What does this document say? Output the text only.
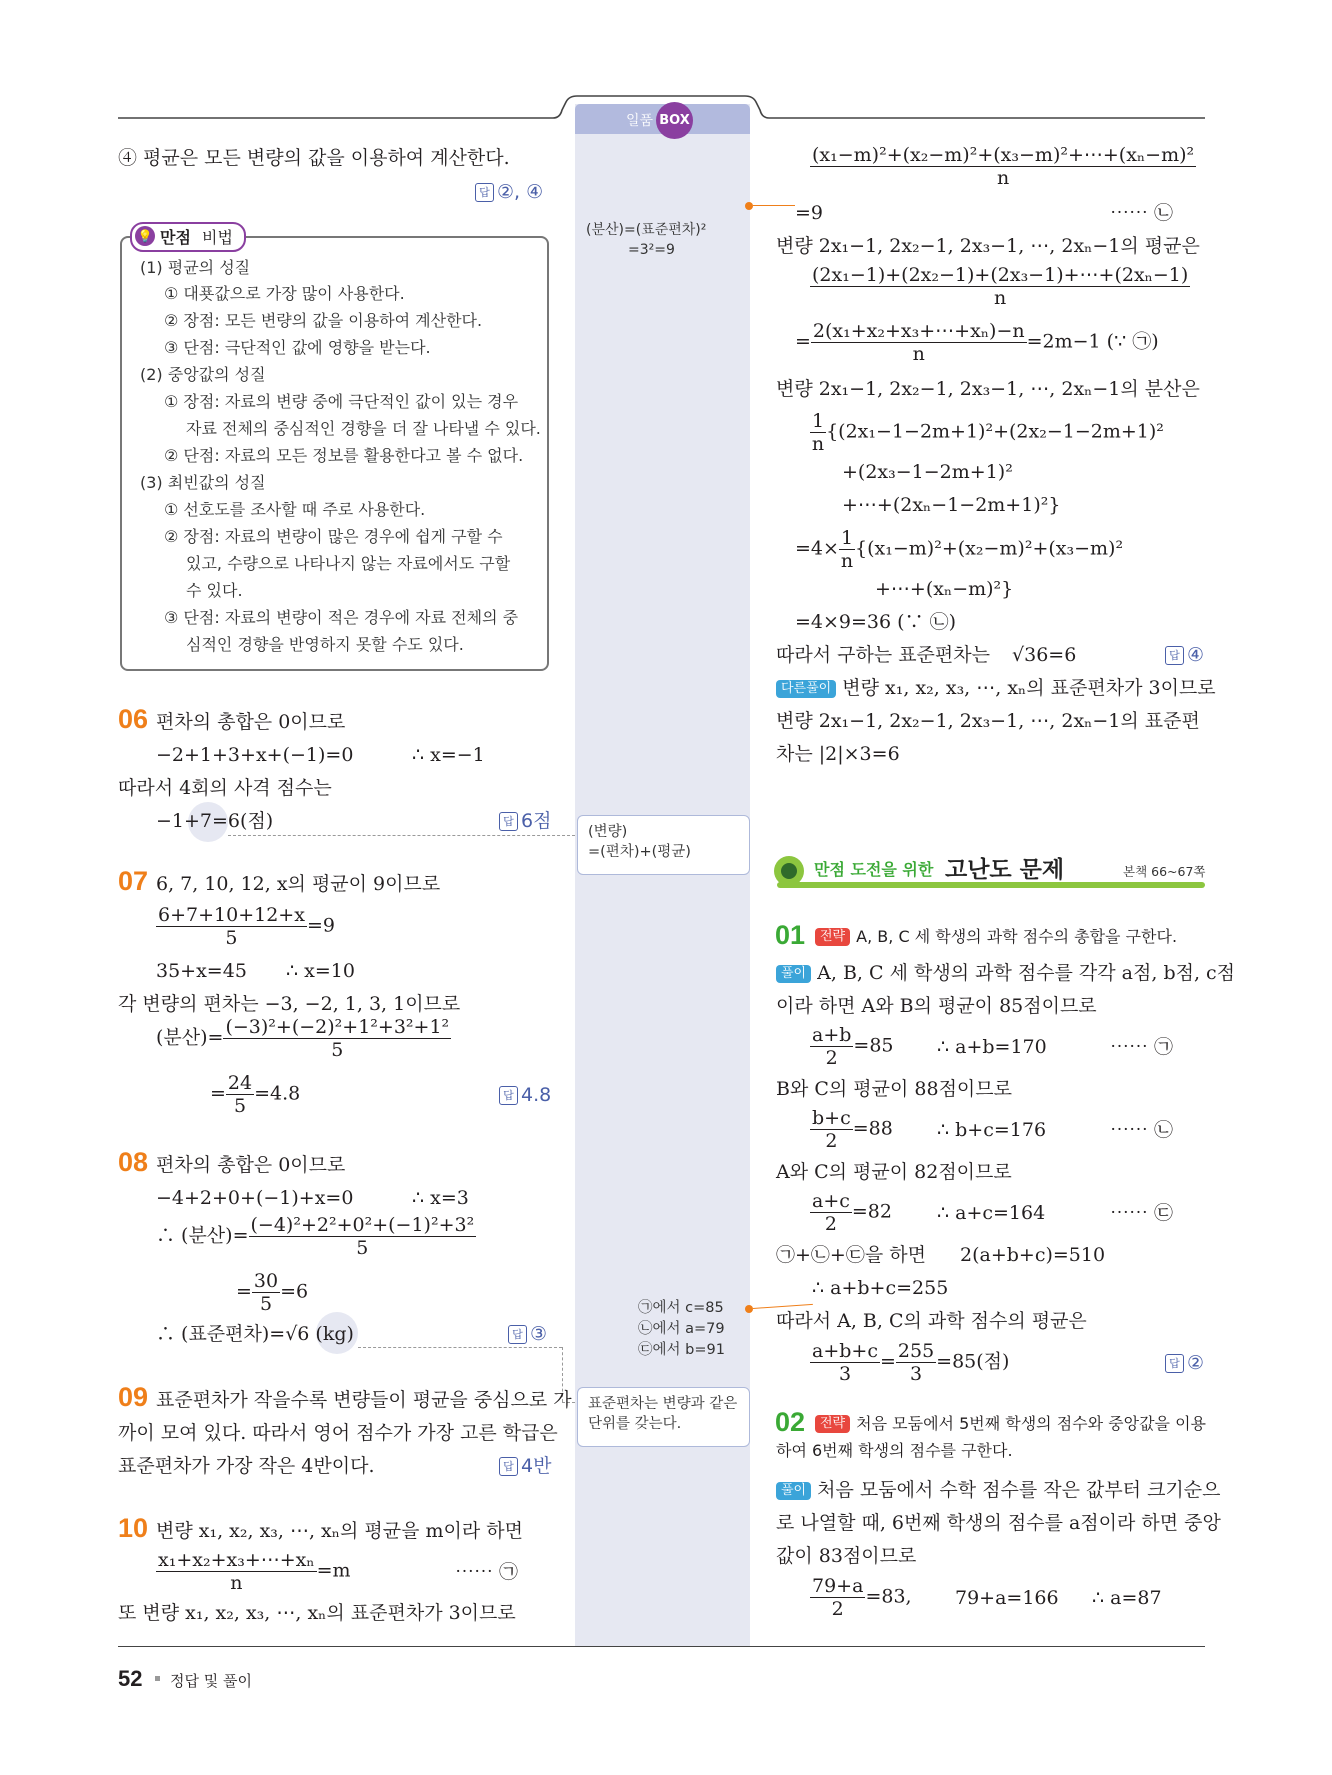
일품 BOX
52 정답 및 풀이
④ 평균은 모든 변량의 값을 이용하여 계산한다.
답 ②, ④
💡 만점 비법
(1) 평균의 성질
① 대푯값으로 가장 많이 사용한다.
② 장점: 모든 변량의 값을 이용하여 계산한다.
③ 단점: 극단적인 값에 영향을 받는다.
(2) 중앙값의 성질
① 장점: 자료의 변량 중에 극단적인 값이 있는 경우
자료 전체의 중심적인 경향을 더 잘 나타낼 수 있다.
② 단점: 자료의 모든 정보를 활용한다고 볼 수 없다.
(3) 최빈값의 성질
① 선호도를 조사할 때 주로 사용한다.
② 장점: 자료의 변량이 많은 경우에 쉽게 구할 수
있고, 수량으로 나타나지 않는 자료에서도 구할
수 있다.
③ 단점: 자료의 변량이 적은 경우에 자료 전체의 중
심적인 경향을 반영하지 못할 수도 있다.
06 편차의 총합은 0이므로
−2+1+3+x+(−1)=0	∴ x=−1
따라서 4회의 사격 점수는
−1+7=6(점)	답 6점
07 6, 7, 10, 12, x의 평균이 9이므로
$\frac{6+7+10+12+x}{5} =9$
35+x=45 ∴ x=10
각 변량의 편차는 −3, −2, 1, 3, 1이므로
(분산)= $\frac{\text{(−3)²+(−2)²+1²+3²+1²}}{5}$
= $\frac{24}{5} =4.8$	답 4.8
08 편차의 총합은 0이므로
−4+2+0+(−1)+x=0	∴ x=3
∴ (분산)= $\frac{\text{(−4)²+2²+0²+(−1)²+3²}}{5}$
= $\frac{30}{5} =6$
∴ (표준편차)=√6 (kg)	답 ③
09 표준편차가 작을수록 변량들이 평균을 중심으로 가
까이 모여 있다. 따라서 영어 점수가 가장 고른 학급은
표준편차가 가장 작은 4반이다.	답 4반
10 변량 x₁, x₂, x₃, ⋯, xₙ의 평균을 m이라 하면
$\frac{\text{x₁+x₂+x₃+⋯+xₙ}}{n} =m$	⋯⋯ ㉠
또 변량 x₁, x₂, x₃, ⋯, xₙ의 표준편차가 3이므로
(분산)=(표준편차)²
=3²=9
(변량)
=(편차)+(평균)
㉠에서 c=85
㉡에서 a=79
㉢에서 b=91
표준편차는 변량과 같은
단위를 갖는다.
$\frac{\text{(x₁−m)²+(x₂−m)²+(x₃−m)²+⋯+(xₙ−m)²}}{n}$
=9	⋯⋯ ㉡
변량 2x₁−1, 2x₂−1, 2x₃−1, ⋯, 2xₙ−1의 평균은
$\frac{\text{(2x₁−1)+(2x₂−1)+(2x₃−1)+⋯+(2xₙ−1)}}{n}$
= $\frac{\text{2(x₁+x₂+x₃+⋯+xₙ)−n}}{n} =2m-1$ (∵ ㉠)
변량 2x₁−1, 2x₂−1, 2x₃−1, ⋯, 2xₙ−1의 분산은
$\frac{1}{n} \{(2x_1-1-2m+1)^2+(2x_2-1-2m+1)^2$
+(2x₃−1−2m+1)²
+⋯+(2xₙ−1−2m+1)²}
$=4\times \frac{1}{n} \{(x_1-m)^2+(x_2-m)^2+(x_3-m)^2$
+⋯+(xₙ−m)²}
=4×9=36 (∵ ㉡)
따라서 구하는 표준편차는 √36=6	답 ④
다른풀이 변량 x₁, x₂, x₃, ⋯, xₙ의 표준편차가 3이므로
변량 2x₁−1, 2x₂−1, 2x₃−1, ⋯, 2xₙ−1의 표준편
차는 |2|×3=6
만점 도전을 위한 고난도 문제	본책 66~67쪽
01	전략 A, B, C 세 학생의 과학 점수의 총합을 구한다.
풀이 A, B, C 세 학생의 과학 점수를 각각 a점, b점, c점
이라 하면 A와 B의 평균이 85점이므로
$\frac{a+b}{2} =85$ ∴ a+b=170	⋯⋯ ㉠
B와 C의 평균이 88점이므로
$\frac{b+c}{2} =88$ ∴ b+c=176	⋯⋯ ㉡
A와 C의 평균이 82점이므로
$\frac{a+c}{2} =82$ ∴ a+c=164	⋯⋯ ㉢
㉠+㉡+㉢을 하면 2(a+b+c)=510
∴ a+b+c=255
따라서 A, B, C의 과학 점수의 평균은
$\frac{a+b+c}{3} = \frac{255}{3} =85$(점)	답 ②
02	전략 처음 모둠에서 5번째 학생의 점수와 중앙값을 이용
하여 6번째 학생의 점수를 구한다.
풀이 처음 모둠에서 수학 점수를 작은 값부터 크기순으
로 나열할 때, 6번째 학생의 점수를 a점이라 하면 중앙
값이 83점이므로
$\frac{79+a}{2} =83$, 79+a=166 ∴ a=87
